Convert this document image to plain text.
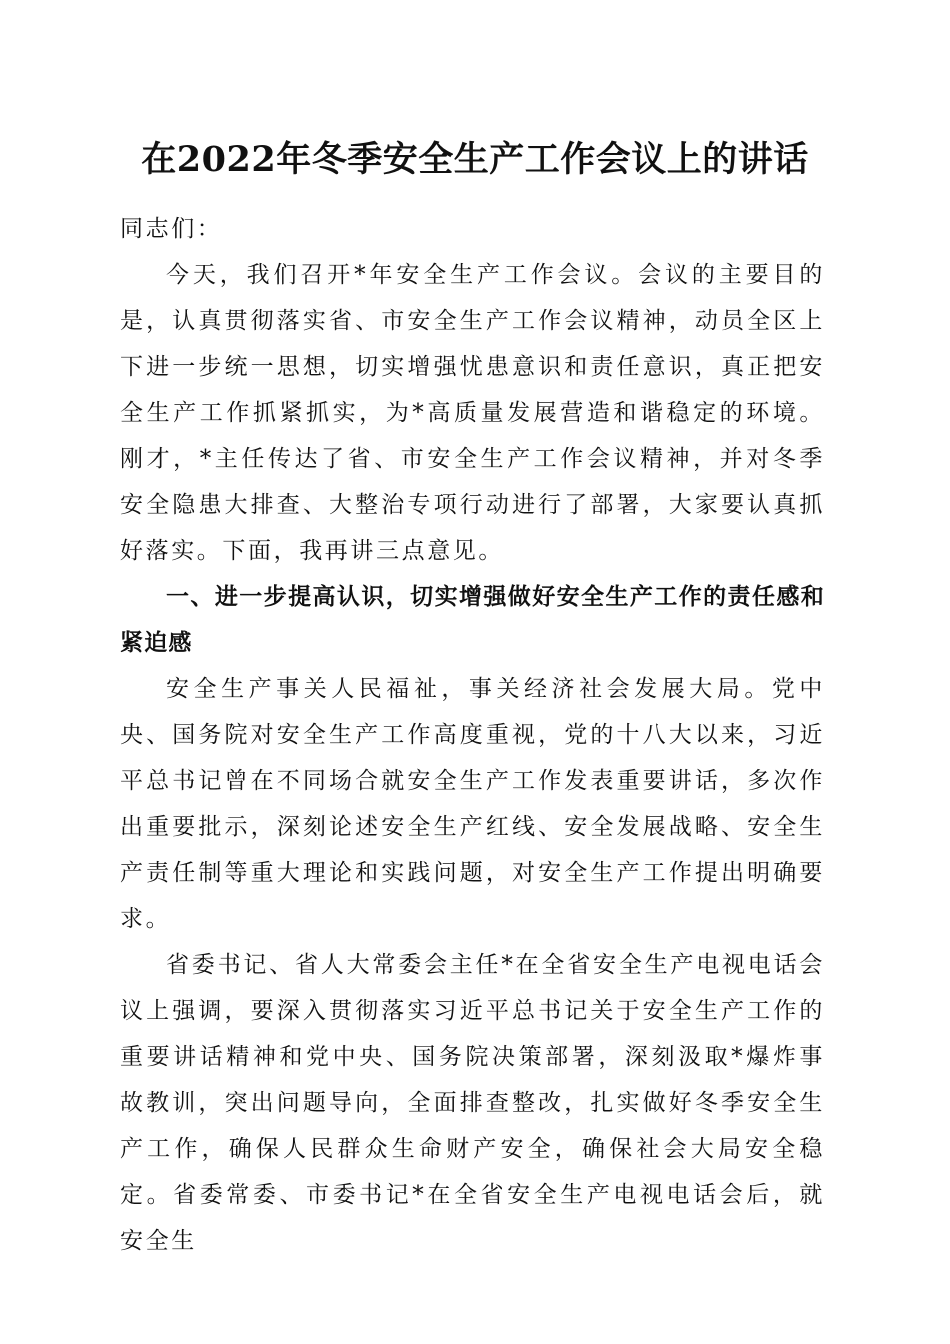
在2022年冬季安全生产工作会议上的讲话

同志们：

今天，我们召开*年安全生产工作会议。会议的主要目的是，认真贯彻落实省、市安全生产工作会议精神，动员全区上下进一步统一思想，切实增强忧患意识和责任意识，真正把安全生产工作抓紧抓实，为*高质量发展营造和谐稳定的环境。刚才，*主任传达了省、市安全生产工作会议精神，并对冬季安全隐患大排查、大整治专项行动进行了部署，大家要认真抓好落实。下面，我再讲三点意见。

一、进一步提高认识，切实增强做好安全生产工作的责任感和紧迫感

安全生产事关人民福祉，事关经济社会发展大局。党中央、国务院对安全生产工作高度重视，党的十八大以来，习近平总书记曾在不同场合就安全生产工作发表重要讲话，多次作出重要批示，深刻论述安全生产红线、安全发展战略、安全生产责任制等重大理论和实践问题，对安全生产工作提出明确要求。

省委书记、省人大常委会主任*在全省安全生产电视电话会议上强调，要深入贯彻落实习近平总书记关于安全生产工作的重要讲话精神和党中央、国务院决策部署，深刻汲取*爆炸事故教训，突出问题导向，全面排查整改，扎实做好冬季安全生产工作，确保人民群众生命财产安全，确保社会大局安全稳定。省委常委、市委书记*在全省安全生产电视电话会后，就安全生
